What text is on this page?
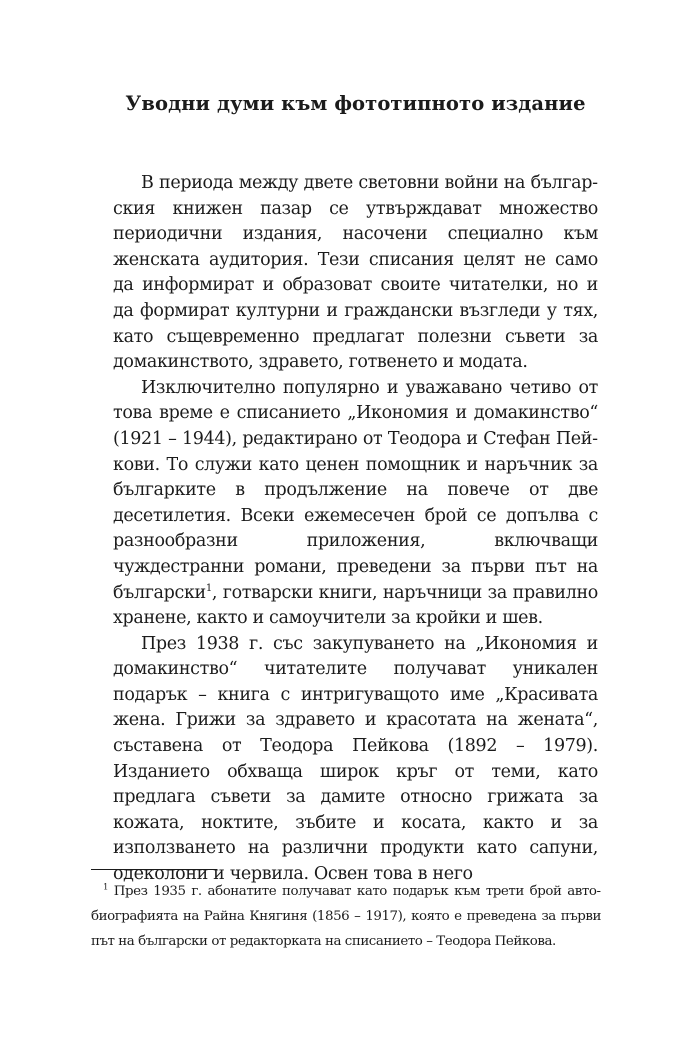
Уводни думи към фототипното издание

В периода между двете световни войни на българския книжен пазар се утвърждават множество периодични издания, насочени специално към женската аудитория. Тези списания целят не само да информират и образоват своите читателки, но и да формират културни и граждански възгледи у тях, като същевременно предлагат полезни съвети за домакинството, здравето, готвенето и модата.

Изключително популярно и уважавано четиво от това време е списанието „Икономия и домакинство“ (1921 – 1944), редактирано от Теодора и Стефан Пейкови. То служи като ценен помощник и наръчник за българките в продължение на повече от две десетилетия. Всеки ежемесечен брой се допълва с разнообразни приложения, включващи чуждестранни романи, преведени за първи път на български$^1$, готварски книги, наръчници за правилно хранене, както и самоучители за кройки и шев.

През 1938 г. със закупуването на „Икономия и домакинство“ читателите получават уникален подарък – книга с интригуващото име „Красивата жена. Грижи за здравето и красотата на жената“, съставена от Теодора Пейкова (1892 – 1979). Изданието обхваща широк кръг от теми, като предлага съвети за дамите относно грижата за кожата, ноктите, зъбите и косата, както и за използването на различни продукти като сапуни, одеколони и червила. Освен това в него

$^1$ През 1935 г. абонатите получават като подарък към трети брой автобиографията на Райна Княгиня (1856 – 1917), която е преведена за първи път на български от редакторката на списанието – Теодора Пейкова.
